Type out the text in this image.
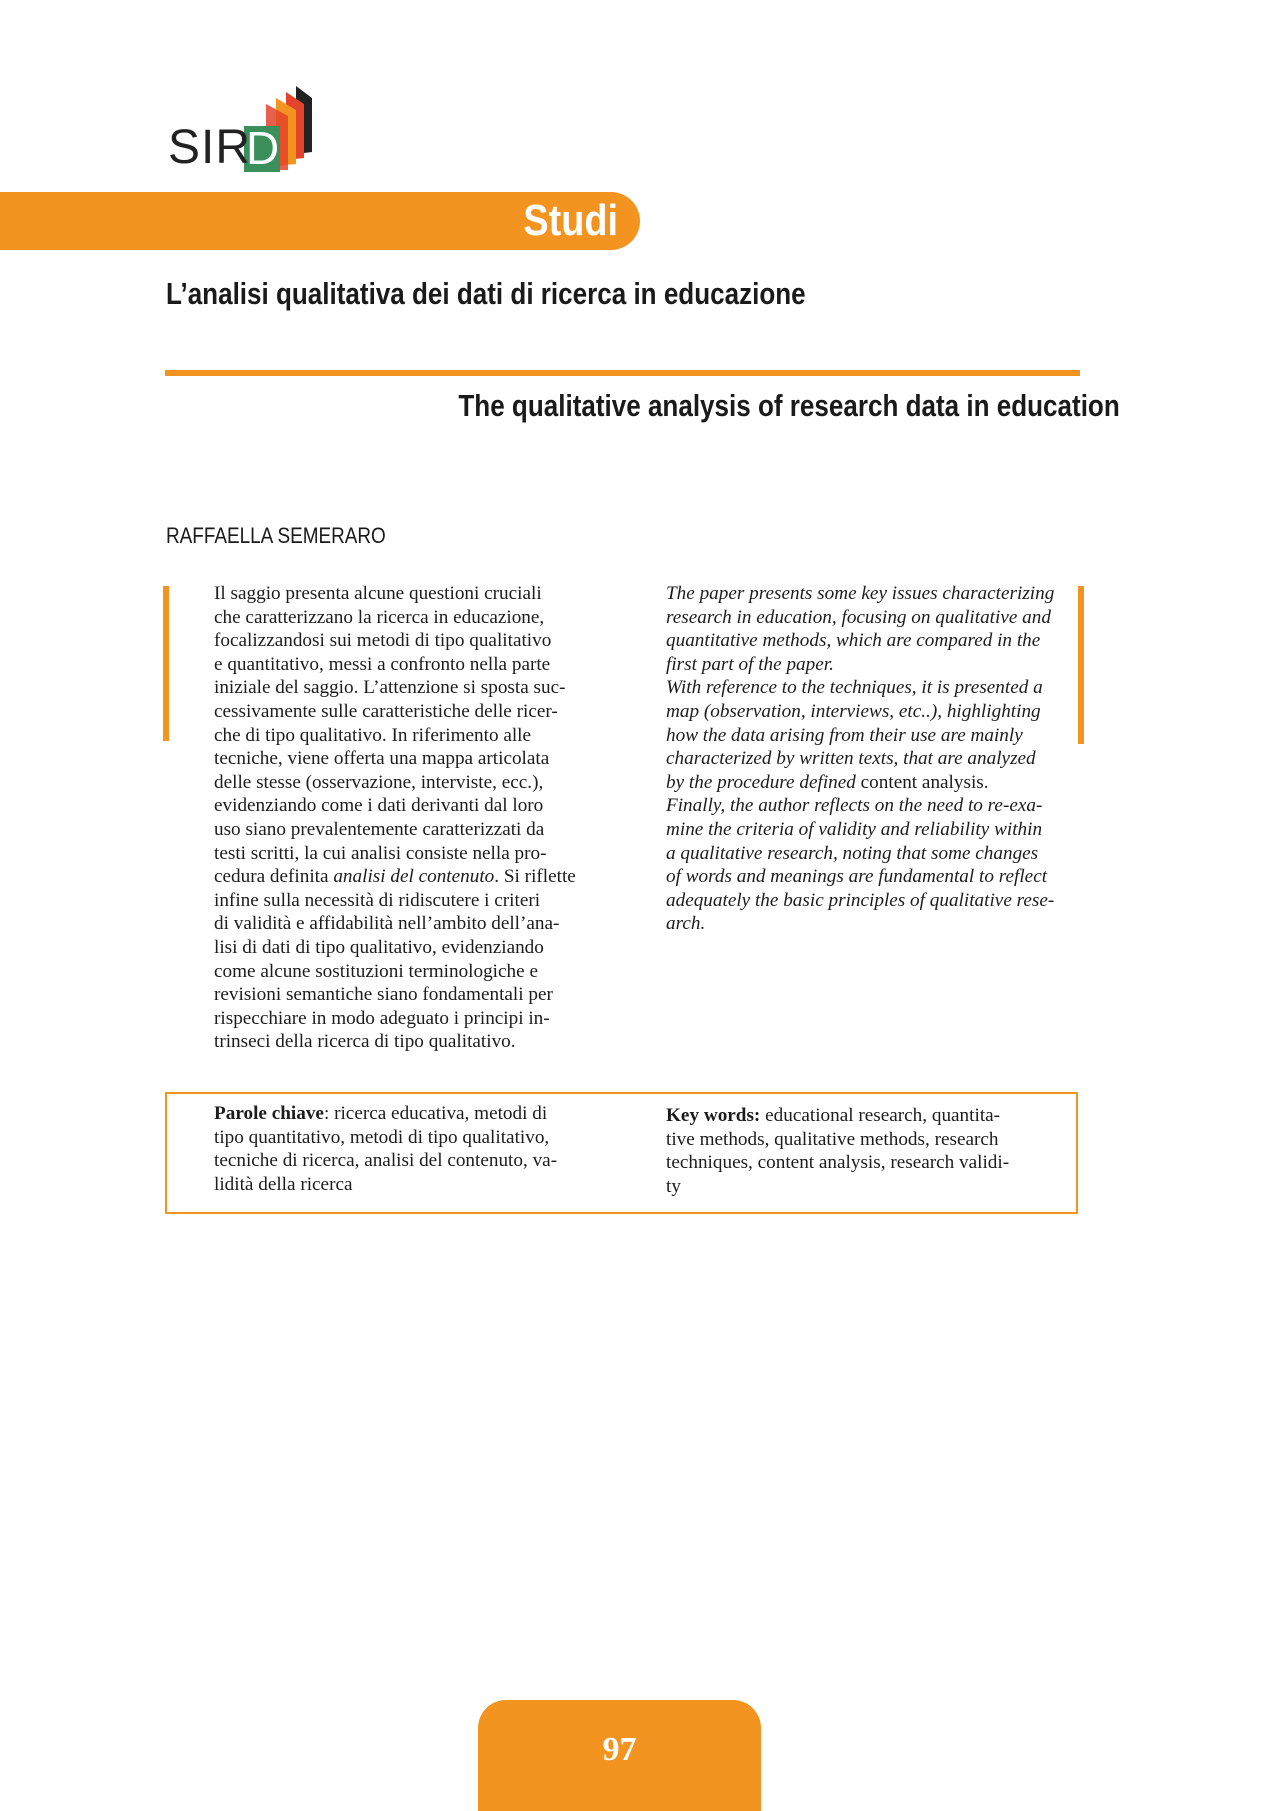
D
SIR
Studi
L’analisi qualitativa dei dati di ricerca in educazione
The qualitative analysis of research data in education
RAFFAELLA SEMERARO
Il saggio presenta alcune questioni cruciali
che caratterizzano la ricerca in educazione,
focalizzandosi sui metodi di tipo qualitativo
e quantitativo, messi a confronto nella parte
iniziale del saggio. L’attenzione si sposta suc-
cessivamente sulle caratteristiche delle ricer-
che di tipo qualitativo. In riferimento alle
tecniche, viene offerta una mappa articolata
delle stesse (osservazione, interviste, ecc.),
evidenziando come i dati derivanti dal loro
uso siano prevalentemente caratterizzati da
testi scritti, la cui analisi consiste nella pro-
cedura definita analisi del contenuto. Si riflette
infine sulla necessità di ridiscutere i criteri
di validità e affidabilità nell’ambito dell’ana-
lisi di dati di tipo qualitativo, evidenziando
come alcune sostituzioni terminologiche e
revisioni semantiche siano fondamentali per
rispecchiare in modo adeguato i principi in-
trinseci della ricerca di tipo qualitativo.
The paper presents some key issues characterizing
research in education, focusing on qualitative and
quantitative methods, which are compared in the
first part of the paper.
With reference to the techniques, it is presented a
map (observation, interviews, etc..), highlighting
how the data arising from their use are mainly
characterized by written texts, that are analyzed
by the procedure defined content analysis.
Finally, the author reflects on the need to re-exa-
mine the criteria of validity and reliability within
a qualitative research, noting that some changes
of words and meanings are fundamental to reflect
adequately the basic principles of qualitative rese-
arch.
Parole chiave: ricerca educativa, metodi di
tipo quantitativo, metodi di tipo qualitativo,
tecniche di ricerca, analisi del contenuto, va-
lidità della ricerca
Key words: educational research, quantita-
tive methods, qualitative methods, research
techniques, content analysis, research validi-
ty
97
